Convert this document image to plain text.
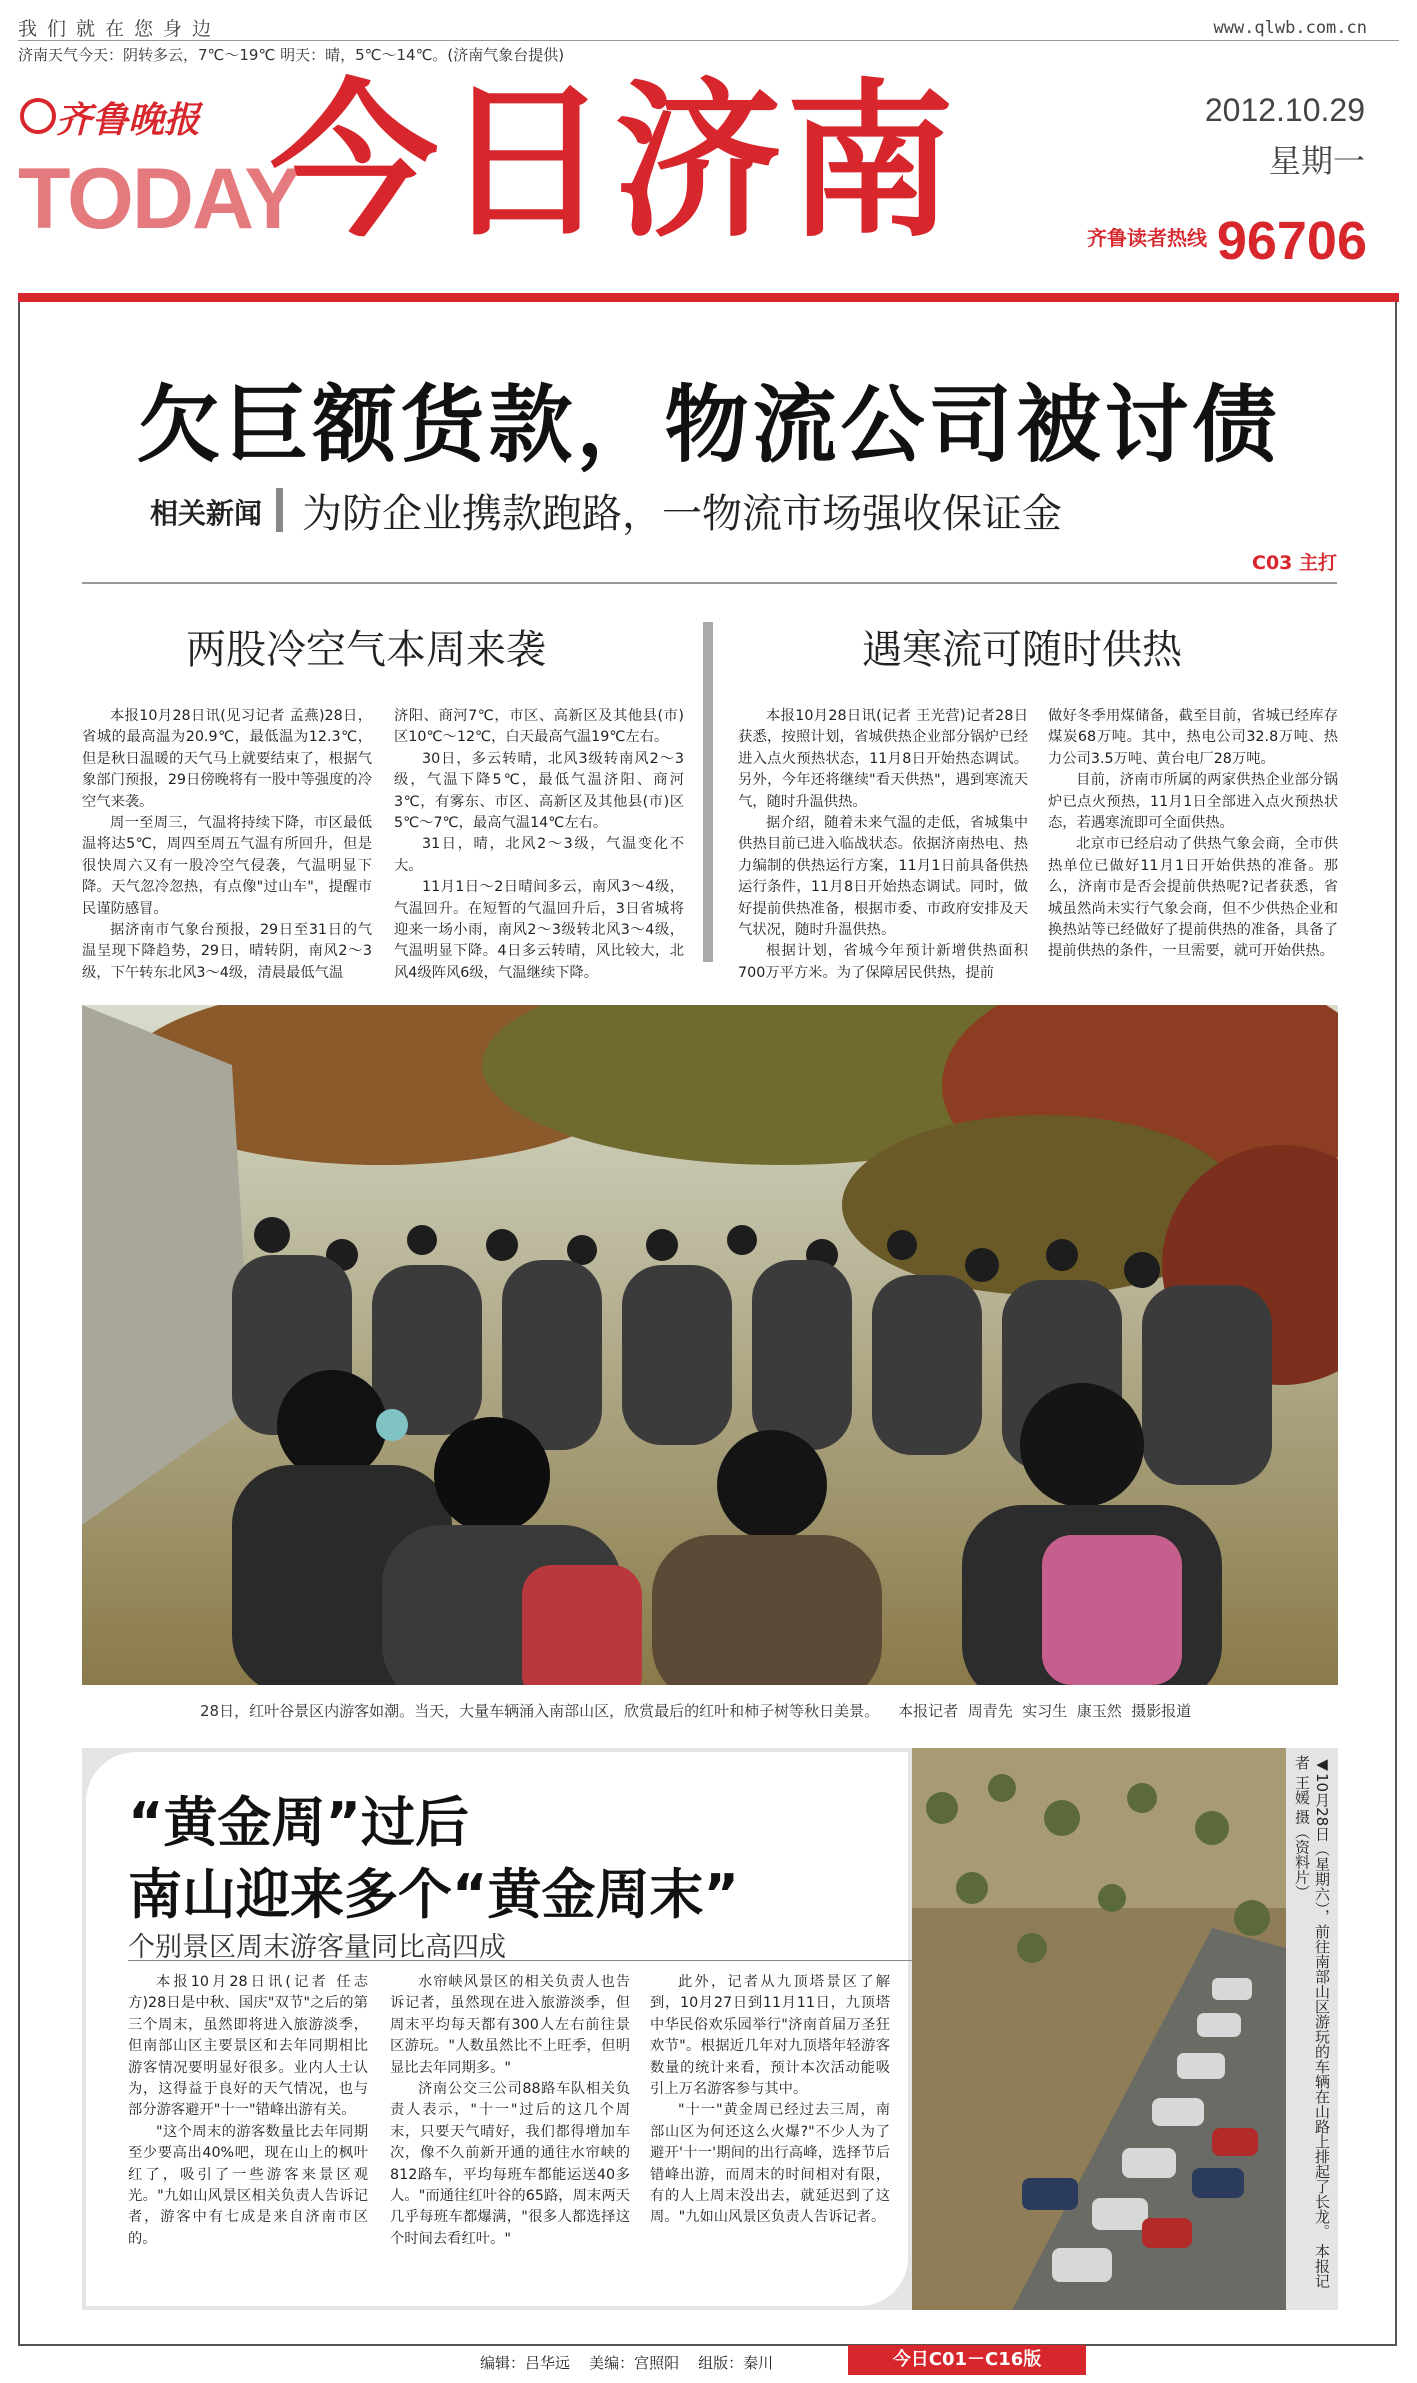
我们就在您身边	www.qlwb.com.cn
济南天气今天：阴转多云，7℃～19℃ 明天：晴，5℃～14℃。(济南气象台提供)
齐鲁晚报
TODAY
今日济南	2012.10.29
星期一
齐鲁读者热线 96706
欠巨额货款，物流公司被讨债
相关新闻 为防企业携款跑路，一物流市场强收保证金
C03 主打
两股冷空气本周来袭

本报10月28日讯(见习记者 孟燕)28日，省城的最高温为20.9℃，最低温为12.3℃，但是秋日温暖的天气马上就要结束了，根据气象部门预报，29日傍晚将有一股中等强度的冷空气来袭。

周一至周三，气温将持续下降，市区最低温将达5℃，周四至周五气温有所回升，但是很快周六又有一股冷空气侵袭，气温明显下降。天气忽冷忽热，有点像"过山车"，提醒市民谨防感冒。

据济南市气象台预报，29日至31日的气温呈现下降趋势，29日，晴转阴，南风2～3级，下午转东北风3～4级，清晨最低气温

济阳、商河7℃，市区、高新区及其他县(市)区10℃～12℃，白天最高气温19℃左右。

30日，多云转晴，北风3级转南风2～3级，气温下降5℃，最低气温济阳、商河3℃，有雾东、市区、高新区及其他县(市)区5℃～7℃，最高气温14℃左右。

31日，晴，北风2～3级，气温变化不大。

11月1日～2日晴间多云，南风3～4级，气温回升。在短暂的气温回升后，3日省城将迎来一场小雨，南风2～3级转北风3～4级，气温明显下降。4日多云转晴，风比较大，北风4级阵风6级，气温继续下降。

遇寒流可随时供热

本报10月28日讯(记者 王光营)记者28日获悉，按照计划，省城供热企业部分锅炉已经进入点火预热状态，11月8日开始热态调试。另外，今年还将继续"看天供热"，遇到寒流天气，随时升温供热。

据介绍，随着未来气温的走低，省城集中供热目前已进入临战状态。依据济南热电、热力编制的供热运行方案，11月1日前具备供热运行条件，11月8日开始热态调试。同时，做好提前供热准备，根据市委、市政府安排及天气状况，随时升温供热。

根据计划，省城今年预计新增供热面积700万平方米。为了保障居民供热，提前

做好冬季用煤储备，截至目前，省城已经库存煤炭68万吨。其中，热电公司32.8万吨、热力公司3.5万吨、黄台电厂28万吨。

目前，济南市所属的两家供热企业部分锅炉已点火预热，11月1日全部进入点火预热状态，若遇寒流即可全面供热。

北京市已经启动了供热气象会商，全市供热单位已做好11月1日开始供热的准备。那么，济南市是否会提前供热呢?记者获悉，省城虽然尚未实行气象会商，但不少供热企业和换热站等已经做好了提前供热的准备，具备了提前供热的条件，一旦需要，就可开始供热。

28日，红叶谷景区内游客如潮。当天，大量车辆涌入南部山区，欣赏最后的红叶和柿子树等秋日美景。    本报记者  周青先  实习生  康玉然  摄影报道
“黄金周”过后
南山迎来多个“黄金周末”
个别景区周末游客量同比高四成

本报10月28日讯(记者 任志方)28日是中秋、国庆"双节"之后的第三个周末，虽然即将进入旅游淡季，但南部山区主要景区和去年同期相比游客情况要明显好很多。业内人士认为，这得益于良好的天气情况，也与部分游客避开"十一"错峰出游有关。

"这个周末的游客数量比去年同期至少要高出40%吧，现在山上的枫叶红了，吸引了一些游客来景区观光。"九如山风景区相关负责人告诉记者，游客中有七成是来自济南市区的。

水帘峡风景区的相关负责人也告诉记者，虽然现在进入旅游淡季，但周末平均每天都有300人左右前往景区游玩。"人数虽然比不上旺季，但明显比去年同期多。"

济南公交三公司88路车队相关负责人表示，"十一"过后的这几个周末，只要天气晴好，我们都得增加车次，像不久前新开通的通往水帘峡的812路车，平均每班车都能运送40多人。"而通往红叶谷的65路，周末两天几乎每班车都爆满，"很多人都选择这个时间去看红叶。"

此外，记者从九顶塔景区了解到，10月27日到11月11日，九顶塔中华民俗欢乐园举行"济南首届万圣狂欢节"。根据近几年对九顶塔年轻游客数量的统计来看，预计本次活动能吸引上万名游客参与其中。

"十一"黄金周已经过去三周，南部山区为何还这么火爆?"不少人为了避开'十一'期间的出行高峰，选择节后错峰出游，而周末的时间相对有限，有的人上周末没出去，就延迟到了这周。"九如山风景区负责人告诉记者。	◀10月28日（星期六），前往南部山区游玩的车辆在山路上排起了长龙。 本报记者 王媛 摄（资料片）
编辑：吕华远    美编：宫照阳    组版：秦川	今日C01－C16版
